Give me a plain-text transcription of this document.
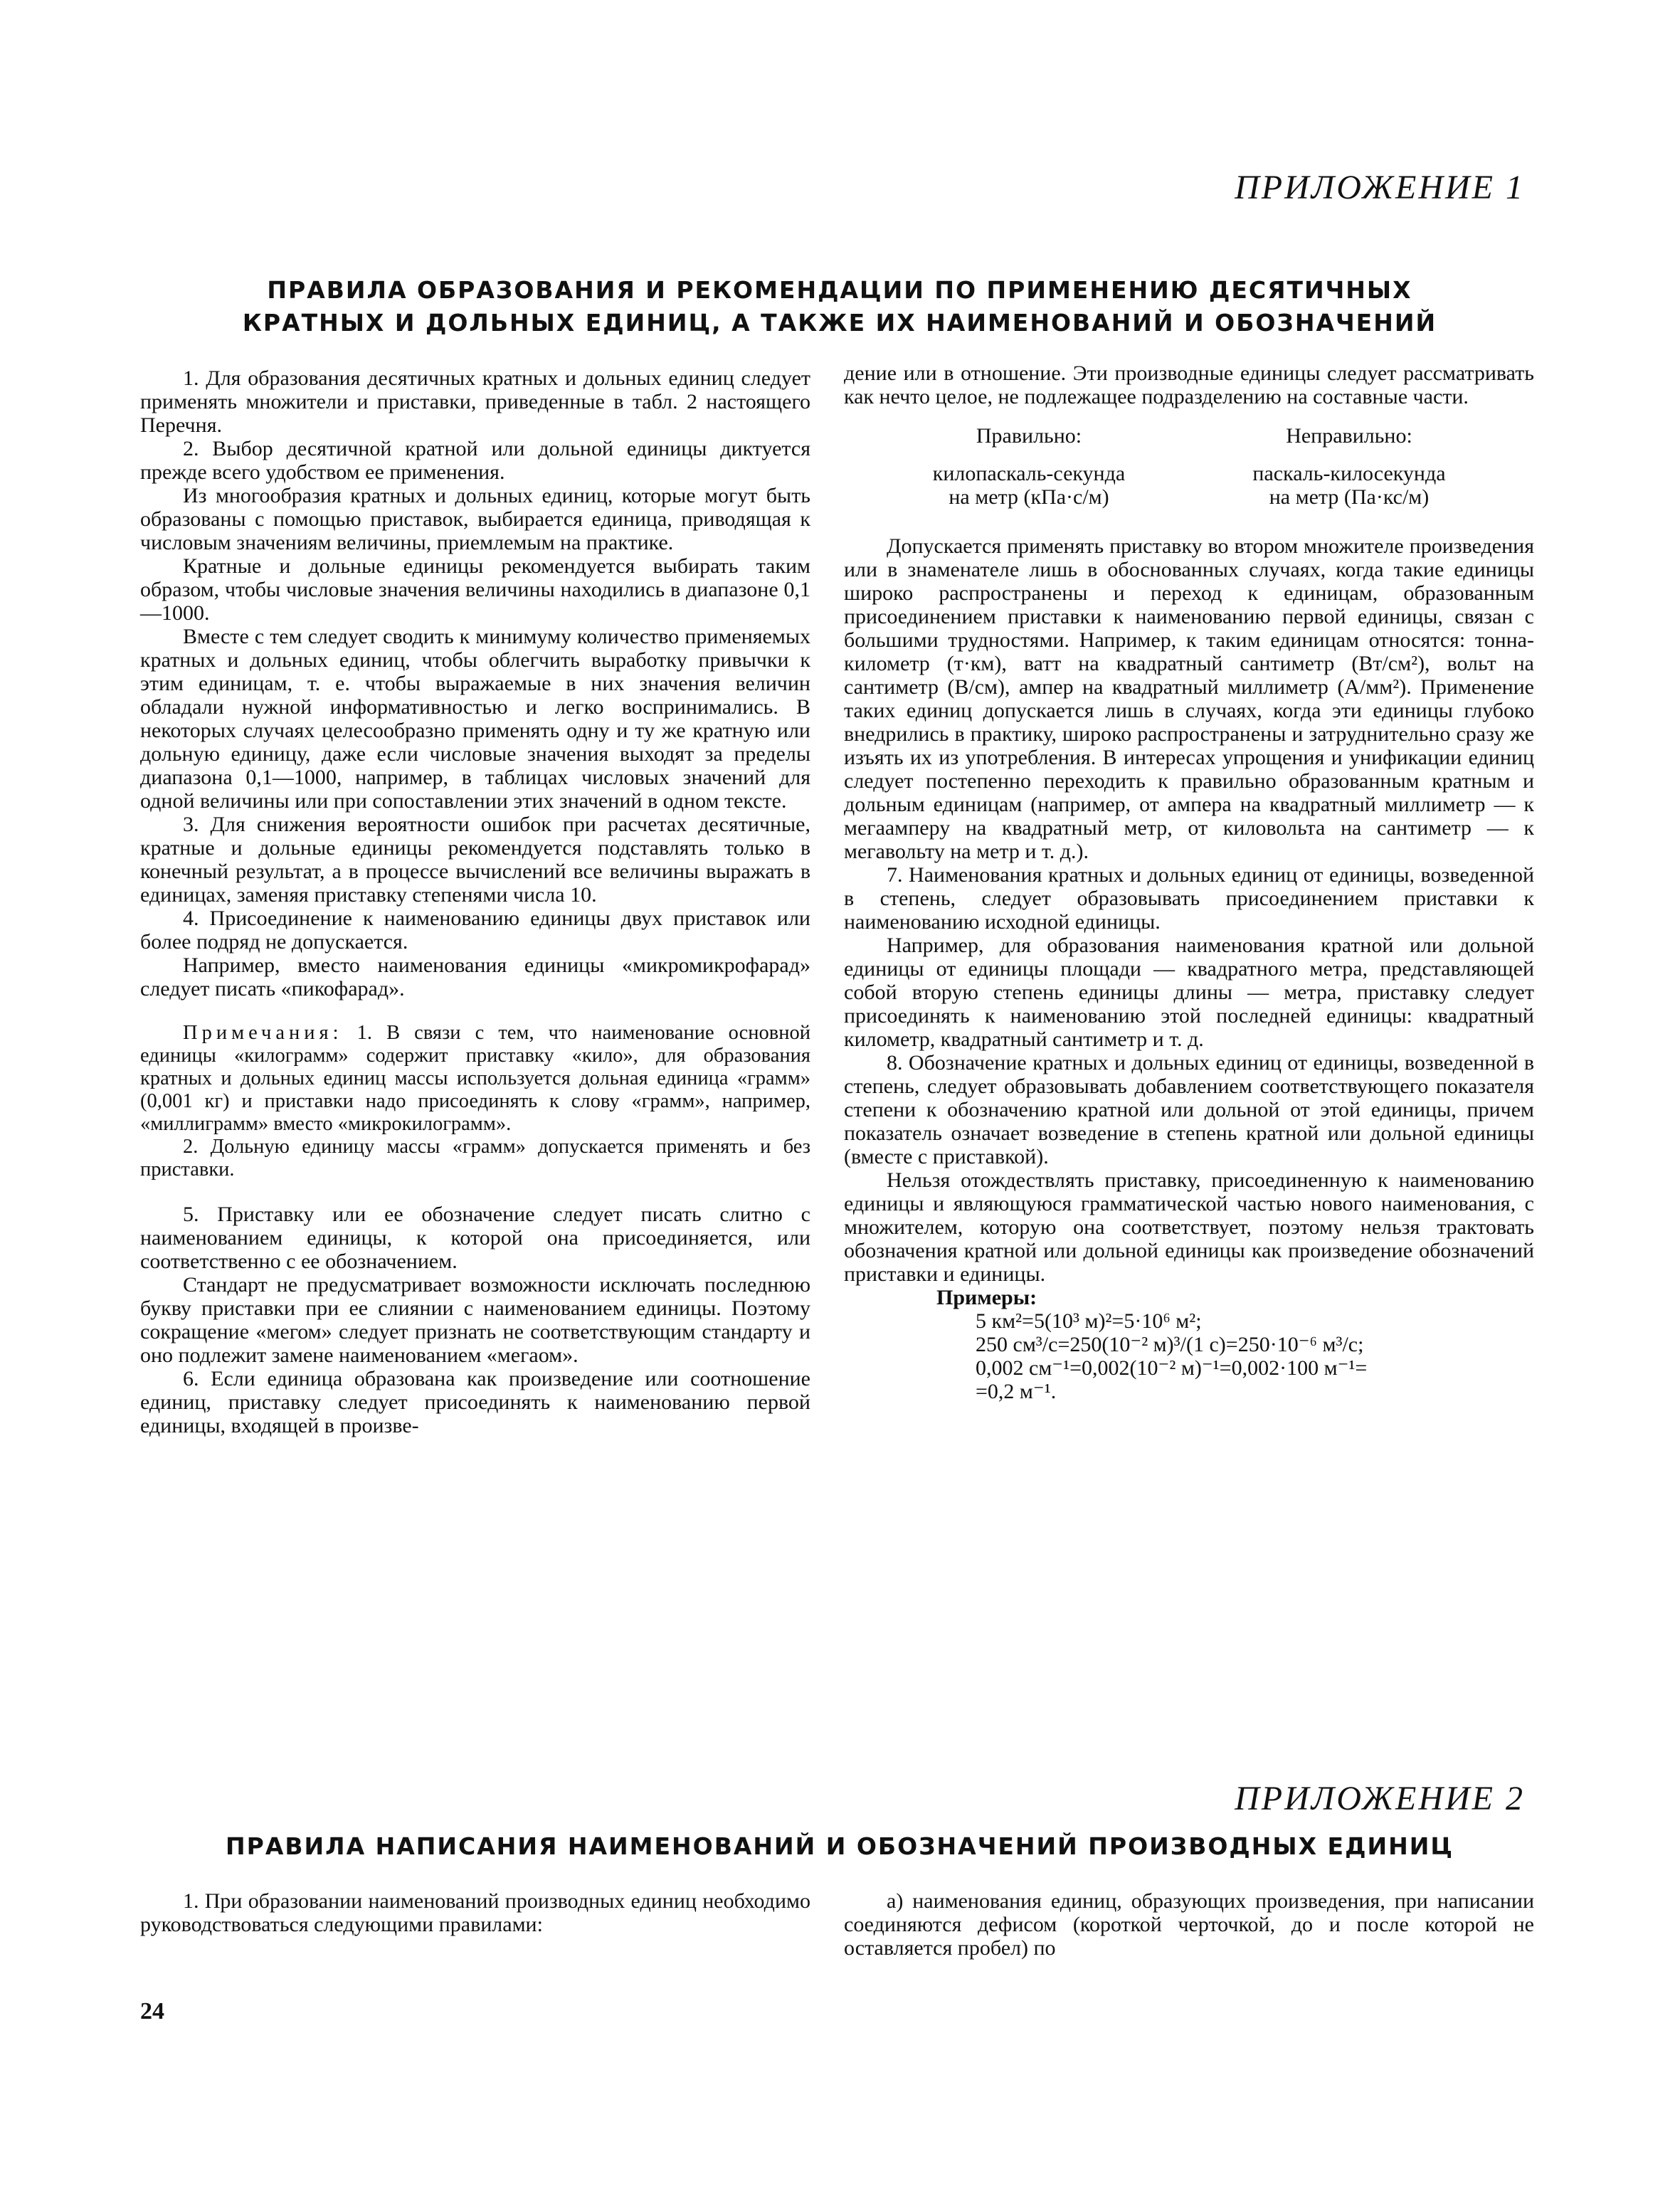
ПРИЛОЖЕНИЕ 1
ПРАВИЛА ОБРАЗОВАНИЯ И РЕКОМЕНДАЦИИ ПО ПРИМЕНЕНИЮ ДЕСЯТИЧНЫХ
КРАТНЫХ И ДОЛЬНЫХ ЕДИНИЦ, А ТАКЖЕ ИХ НАИМЕНОВАНИЙ И ОБОЗНАЧЕНИЙ

1. Для образования десятичных кратных и дольных единиц следует применять множители и приставки, приведенные в табл. 2 настоящего Перечня.

2. Выбор десятичной кратной или дольной единицы диктуется прежде всего удобством ее применения.

Из многообразия кратных и дольных единиц, которые могут быть образованы с помощью приставок, выбирается единица, приводящая к числовым значениям величины, приемлемым на практике.

Кратные и дольные единицы рекомендуется выбирать таким образом, чтобы числовые значения величины находились в диапазоне 0,1—1000.

Вместе с тем следует сводить к минимуму количество применяемых кратных и дольных единиц, чтобы облегчить выработку привычки к этим единицам, т. е. чтобы выражаемые в них значения величин обладали нужной информативностью и легко воспринимались. В некоторых случаях целесообразно применять одну и ту же кратную или дольную единицу, даже если числовые значения выходят за пределы диапазона 0,1—1000, например, в таблицах числовых значений для одной величины или при сопоставлении этих значений в одном тексте.

3. Для снижения вероятности ошибок при расчетах десятичные, кратные и дольные единицы рекомендуется подставлять только в конечный результат, а в процессе вычислений все величины выражать в единицах, заменяя приставку степенями числа 10.

4. Присоединение к наименованию единицы двух приставок или более подряд не допускается.

Например, вместо наименования единицы «микромикрофарад» следует писать «пикофарад».

Примечания: 1. В связи с тем, что наименование основной единицы «килограмм» содержит приставку «кило», для образования кратных и дольных единиц массы используется дольная единица «грамм» (0,001 кг) и приставки надо присоединять к слову «грамм», например, «миллиграмм» вместо «микрокилограмм».

2. Дольную единицу массы «грамм» допускается применять и без приставки.

5. Приставку или ее обозначение следует писать слитно с наименованием единицы, к которой она присоединяется, или соответственно с ее обозначением.

Стандарт не предусматривает возможности исключать последнюю букву приставки при ее слиянии с наименованием единицы. Поэтому сокращение «мегом» следует признать не соответствующим стандарту и оно подлежит замене наименованием «мегаом».

6. Если единица образована как произведение или соотношение единиц, приставку следует присоединять к наименованию первой единицы, входящей в произве-

дение или в отношение. Эти производные единицы следует рассматривать как нечто целое, не подлежащее подразделению на составные части.

Правильно:
килопаскаль-секунда
на метр (кПа·с/м)
Неправильно:
паскаль-килосекунда
на метр (Па·кс/м)

Допускается применять приставку во втором множителе произведения или в знаменателе лишь в обоснованных случаях, когда такие единицы широко распространены и переход к единицам, образованным присоединением приставки к наименованию первой единицы, связан с большими трудностями. Например, к таким единицам относятся: тонна-километр (т·км), ватт на квадратный сантиметр (Вт/см²), вольт на сантиметр (В/см), ампер на квадратный миллиметр (А/мм²). Применение таких единиц допускается лишь в случаях, когда эти единицы глубоко внедрились в практику, широко распространены и затруднительно сразу же изъять их из употребления. В интересах упрощения и унификации единиц следует постепенно переходить к правильно образованным кратным и дольным единицам (например, от ампера на квадратный миллиметр — к мегаамперу на квадратный метр, от киловольта на сантиметр — к мегавольту на метр и т. д.).

7. Наименования кратных и дольных единиц от единицы, возведенной в степень, следует образовывать присоединением приставки к наименованию исходной единицы.

Например, для образования наименования кратной или дольной единицы от единицы площади — квадратного метра, представляющей собой вторую степень единицы длины — метра, приставку следует присоединять к наименованию этой последней единицы: квадратный километр, квадратный сантиметр и т. д.

8. Обозначение кратных и дольных единиц от единицы, возведенной в степень, следует образовывать добавлением соответствующего показателя степени к обозначению кратной или дольной от этой единицы, причем показатель означает возведение в степень кратной или дольной единицы (вместе с приставкой).

Нельзя отождествлять приставку, присоединенную к наименованию единицы и являющуюся грамматической частью нового наименования, с множителем, которую она соответствует, поэтому нельзя трактовать обозначения кратной или дольной единицы как произведение обозначений приставки и единицы.

Примеры:

5 км²=5(10³ м)²=5·10⁶ м²;

250 см³/с=250(10⁻² м)³/(1 с)=250·10⁻⁶ м³/с;

0,002 см⁻¹=0,002(10⁻² м)⁻¹=0,002·100 м⁻¹=

=0,2 м⁻¹.

ПРИЛОЖЕНИЕ 2
ПРАВИЛА НАПИСАНИЯ НАИМЕНОВАНИЙ И ОБОЗНАЧЕНИЙ ПРОИЗВОДНЫХ ЕДИНИЦ

1. При образовании наименований производных единиц необходимо руководствоваться следующими правилами:

а) наименования единиц, образующих произведения, при написании соединяются дефисом (короткой черточкой, до и после которой не оставляется пробел) по

24
